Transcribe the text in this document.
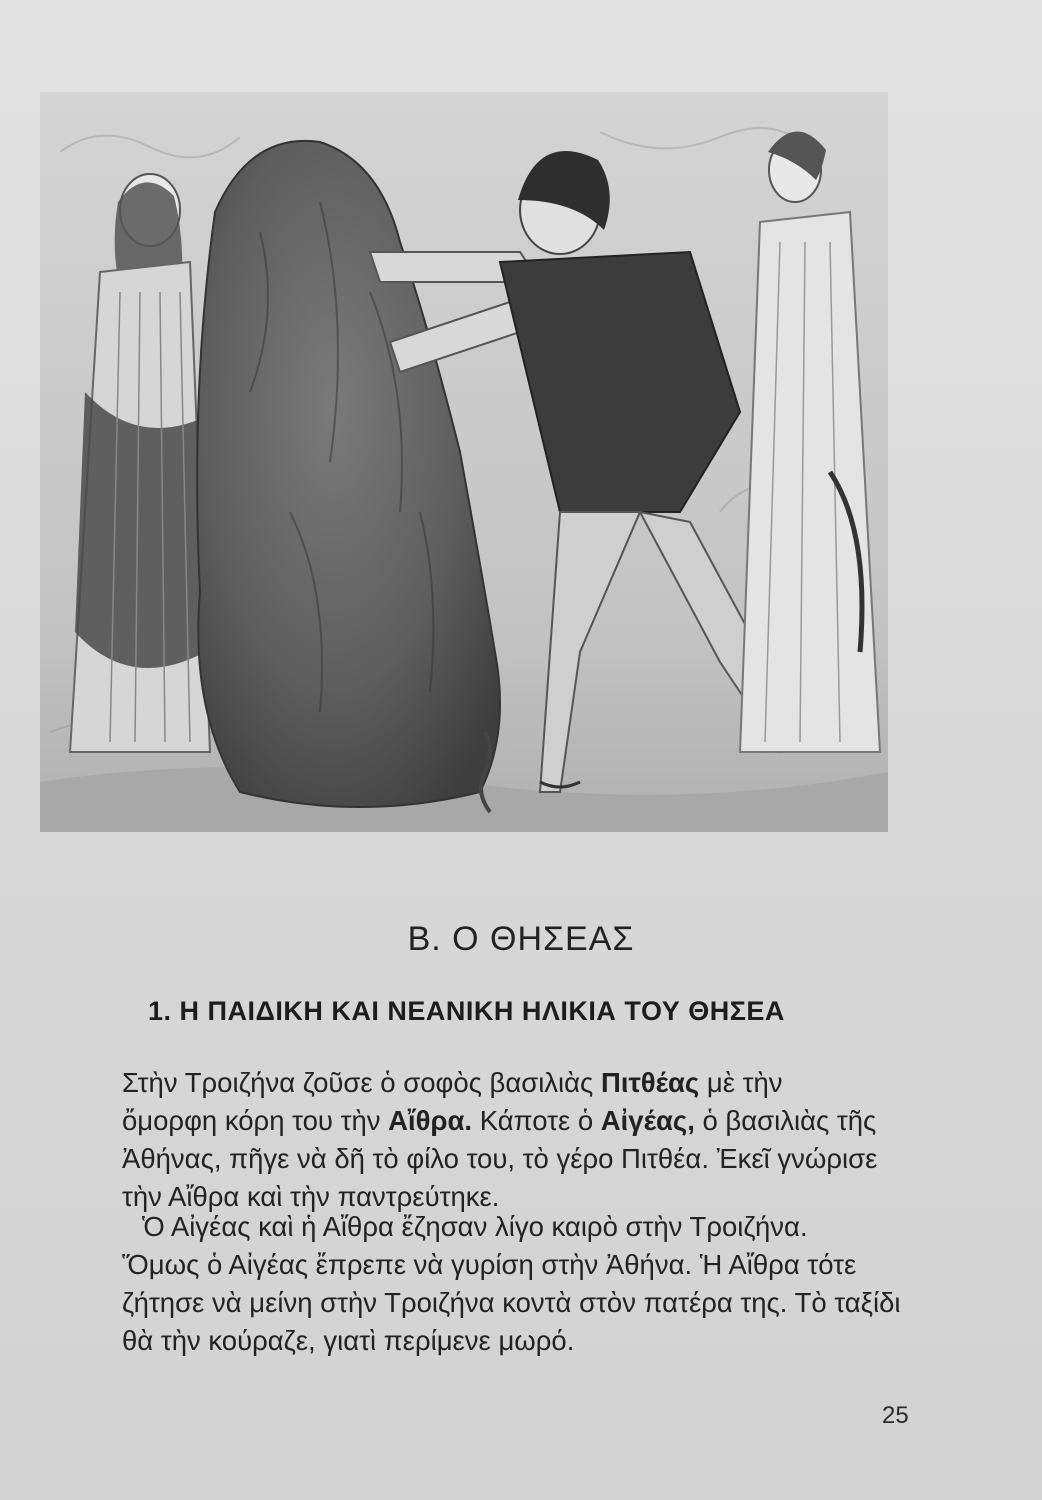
Β. Ο ΘΗΣΕΑΣ
1. Η ΠΑΙΔΙΚΗ ΚΑΙ ΝΕΑΝΙΚΗ ΗΛΙΚΙΑ ΤΟΥ ΘΗΣΕΑ
Στὴν Τροιζήνα ζοῦσε ὁ σοφὸς βασιλιὰς Πιτθέας μὲ τὴν
ὄμορφη κόρη του τὴν Αἴθρα. Κάποτε ὁ Αἰγέας, ὁ βασιλιὰς τῆς
Ἀθήνας, πῆγε νὰ δῆ τὸ φίλο του, τὸ γέρο Πιτθέα. Ἐκεῖ γνώρισε
τὴν Αἴθρα καὶ τὴν παντρεύτηκε.
Ὁ Αἰγέας καὶ ἡ Αἴθρα ἔζησαν λίγο καιρὸ στὴν Τροιζήνα.
Ὅμως ὁ Αἰγέας ἔπρεπε νὰ γυρίση στὴν Ἀθήνα. Ἡ Αἴθρα τότε
ζήτησε νὰ μείνη στὴν Τροιζήνα κοντὰ στὸν πατέρα της. Τὸ ταξίδι
θὰ τὴν κούραζε, γιατὶ περίμενε μωρό.
25
